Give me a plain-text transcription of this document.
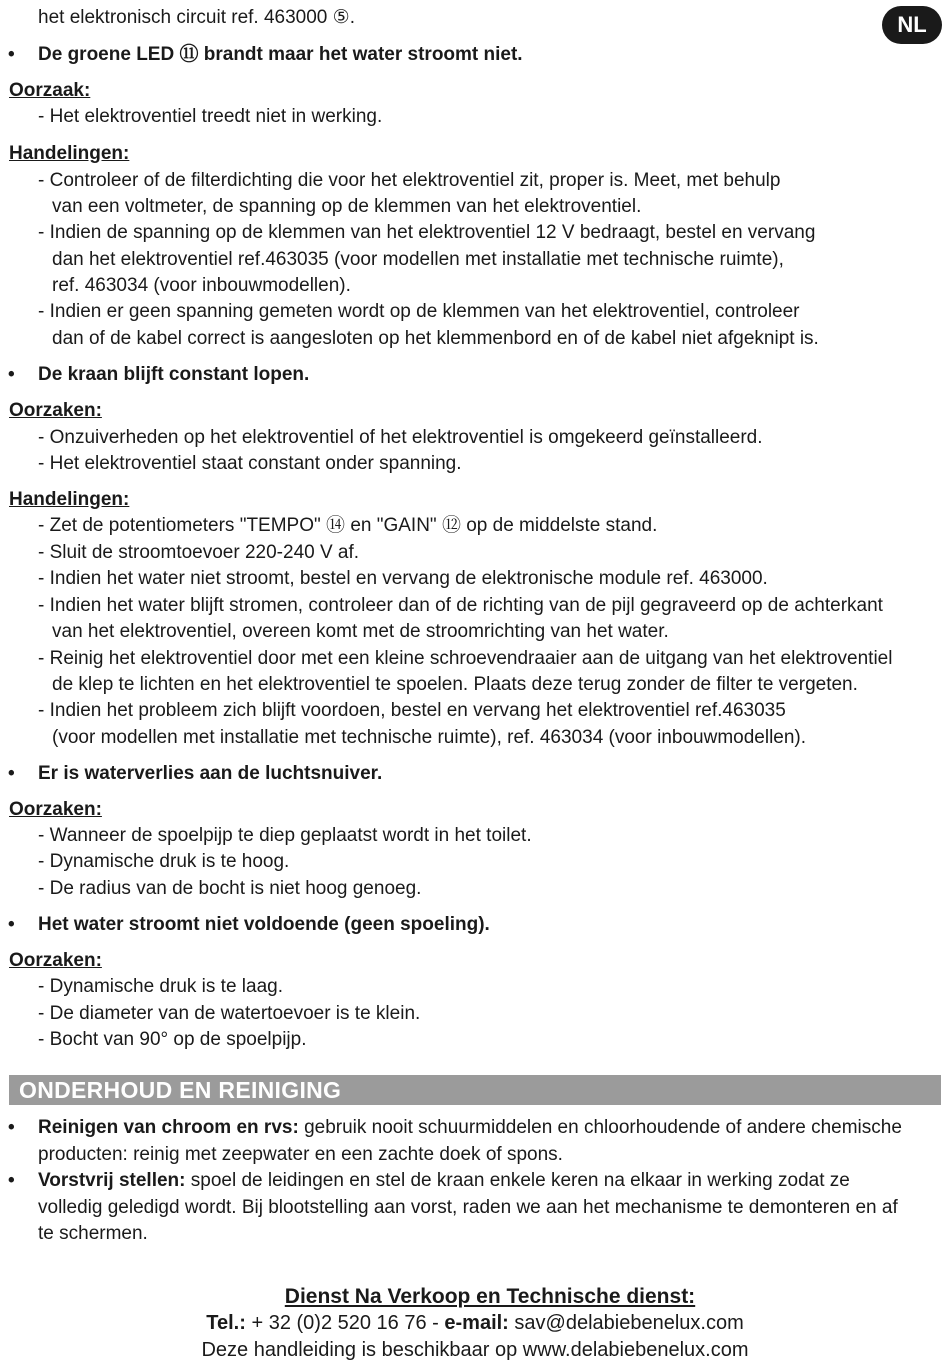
NL
het elektronisch circuit ref. 463000 ⑤.
• De groene LED ⑪ brandt maar het water stroomt niet.
Oorzaak:
- Het elektroventiel treedt niet in werking.
Handelingen:
- Controleer of de filterdichting die voor het elektroventiel zit, proper is. Meet, met behulp
van een voltmeter, de spanning op de klemmen van het elektroventiel.
- Indien de spanning op de klemmen van het elektroventiel 12 V bedraagt, bestel en vervang
dan het elektroventiel ref.463035 (voor modellen met installatie met technische ruimte),
ref. 463034 (voor inbouwmodellen).
- Indien er geen spanning gemeten wordt op de klemmen van het elektroventiel, controleer
dan of de kabel correct is aangesloten op het klemmenbord en of de kabel niet afgeknipt is.
• De kraan blijft constant lopen.
Oorzaken:
- Onzuiverheden op het elektroventiel of het elektroventiel is omgekeerd geïnstalleerd.
- Het elektroventiel staat constant onder spanning.
Handelingen:
- Zet de potentiometers "TEMPO" ⑭ en "GAIN" ⑫ op de middelste stand.
- Sluit de stroomtoevoer 220-240 V af.
- Indien het water niet stroomt, bestel en vervang de elektronische module ref. 463000.
- Indien het water blijft stromen, controleer dan of de richting van de pijl gegraveerd op de achterkant
van het elektroventiel, overeen komt met de stroomrichting van het water.
- Reinig het elektroventiel door met een kleine schroevendraaier aan de uitgang van het elektroventiel
de klep te lichten en het elektroventiel te spoelen. Plaats deze terug zonder de filter te vergeten.
- Indien het probleem zich blijft voordoen, bestel en vervang het elektroventiel ref.463035
(voor modellen met installatie met technische ruimte), ref. 463034 (voor inbouwmodellen).
• Er is waterverlies aan de luchtsnuiver.
Oorzaken:
- Wanneer de spoelpijp te diep geplaatst wordt in het toilet.
- Dynamische druk is te hoog.
- De radius van de bocht is niet hoog genoeg.
• Het water stroomt niet voldoende (geen spoeling).
Oorzaken:
- Dynamische druk is te laag.
- De diameter van de watertoevoer is te klein.
- Bocht van 90° op de spoelpijp.
ONDERHOUD EN REINIGING
• Reinigen van chroom en rvs: gebruik nooit schuurmiddelen en chloorhoudende of andere chemische producten: reinig met zeepwater en een zachte doek of spons.
• Vorstvrij stellen: spoel de leidingen en stel de kraan enkele keren na elkaar in werking zodat ze volledig geledigd wordt. Bij blootstelling aan vorst, raden we aan het mechanisme te demonteren en af te schermen.
Dienst Na Verkoop en Technische dienst:
Tel.: + 32 (0)2 520 16 76 - e-mail: sav@delabiebenelux.com
Deze handleiding is beschikbaar op www.delabiebenelux.com
